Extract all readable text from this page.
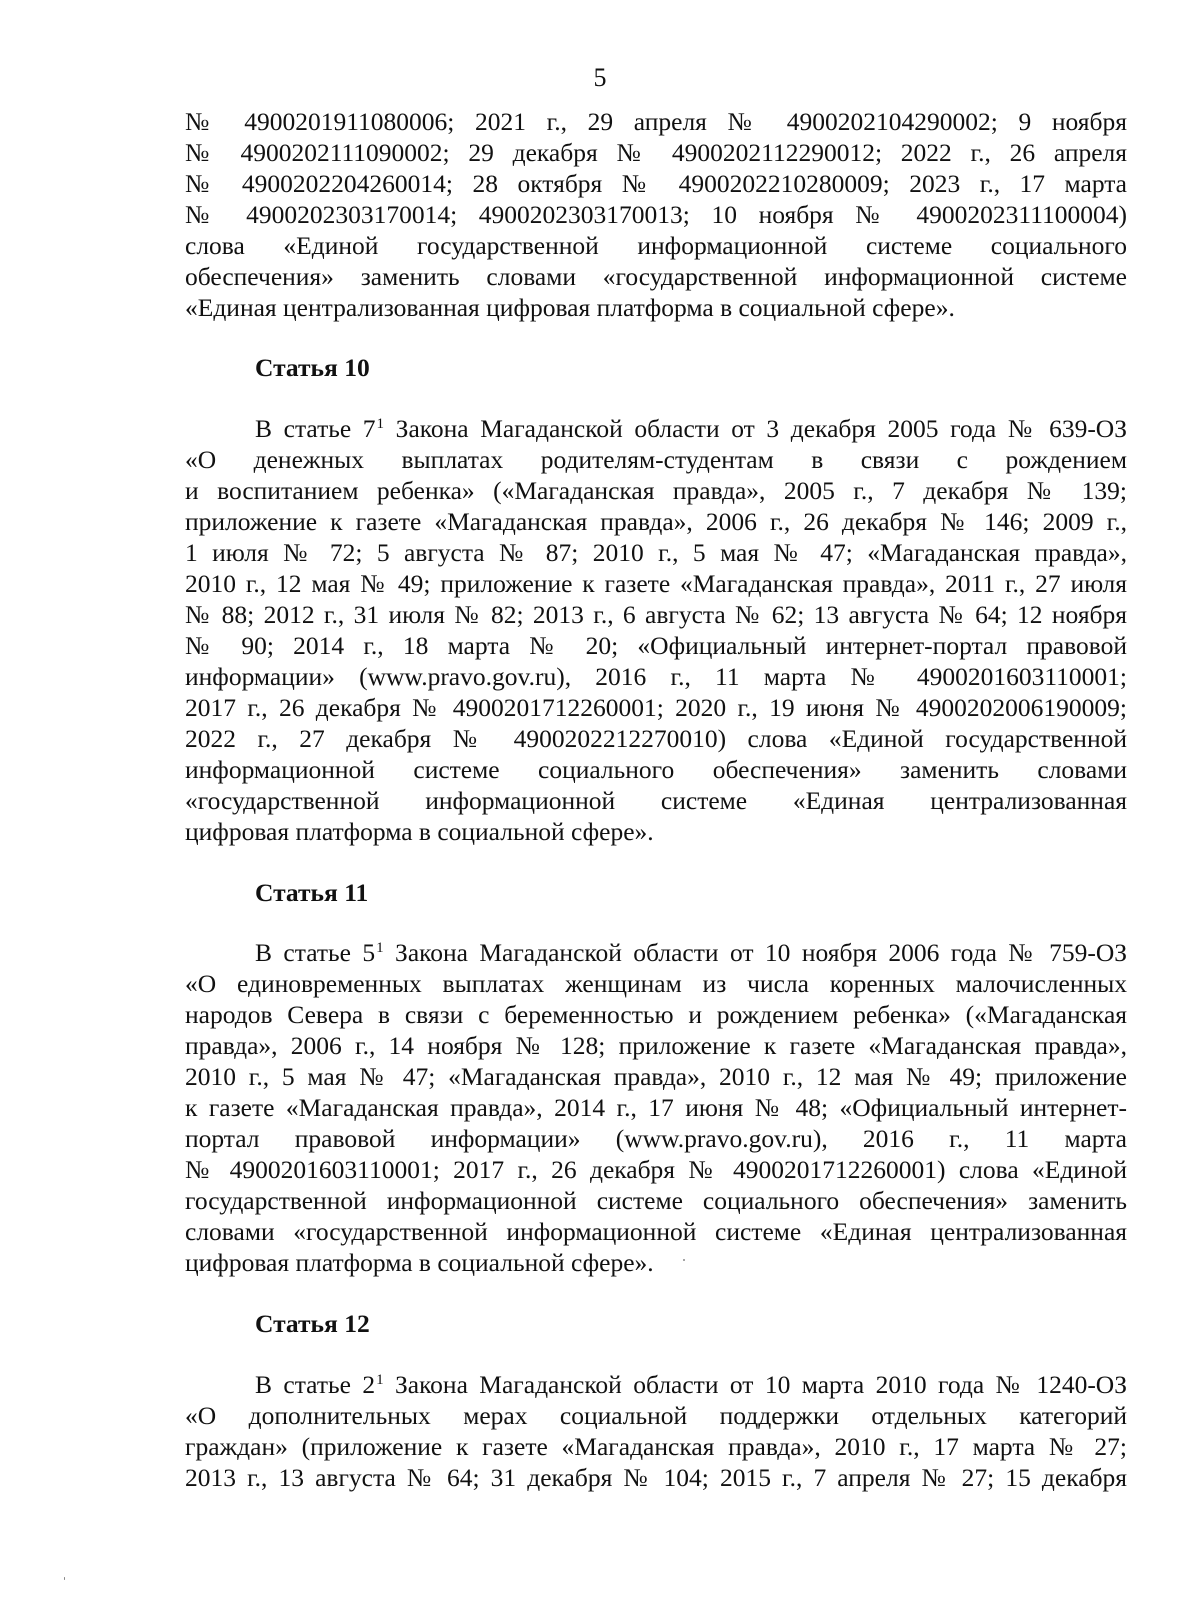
5
№ 4900201911080006; 2021 г., 29 апреля № 4900202104290002; 9 ноября
№ 4900202111090002; 29 декабря № 4900202112290012; 2022 г., 26 апреля
№ 4900202204260014; 28 октября № 4900202210280009; 2023 г., 17 марта
№ 4900202303170014; 4900202303170013; 10 ноября № 4900202311100004)
слова «Единой государственной информационной системе социального
обеспечения» заменить словами «государственной информационной системе
«Единая централизованная цифровая платформа в социальной сфере».
Статья 10
В статье $7^1$ Закона Магаданской области от 3 декабря 2005 года № 639-ОЗ
«О денежных выплатах родителям-студентам в связи с рождением
и воспитанием ребенка» («Магаданская правда», 2005 г., 7 декабря № 139;
приложение к газете «Магаданская правда», 2006 г., 26 декабря № 146; 2009 г.,
1 июля № 72; 5 августа № 87; 2010 г., 5 мая № 47; «Магаданская правда»,
2010 г., 12 мая № 49; приложение к газете «Магаданская правда», 2011 г., 27 июля
№ 88; 2012 г., 31 июля № 82; 2013 г., 6 августа № 62; 13 августа № 64; 12 ноября
№ 90; 2014 г., 18 марта № 20; «Официальный интернет-портал правовой
информации» (www.pravo.gov.ru), 2016 г., 11 марта № 4900201603110001;
2017 г., 26 декабря № 4900201712260001; 2020 г., 19 июня № 4900202006190009;
2022 г., 27 декабря № 4900202212270010) слова «Единой государственной
информационной системе социального обеспечения» заменить словами
«государственной информационной системе «Единая централизованная
цифровая платформа в социальной сфере».
Статья 11
В статье $5^1$ Закона Магаданской области от 10 ноября 2006 года № 759-ОЗ
«О единовременных выплатах женщинам из числа коренных малочисленных
народов Севера в связи с беременностью и рождением ребенка» («Магаданская
правда», 2006 г., 14 ноября № 128; приложение к газете «Магаданская правда»,
2010 г., 5 мая № 47; «Магаданская правда», 2010 г., 12 мая № 49; приложение
к газете «Магаданская правда», 2014 г., 17 июня № 48; «Официальный интернет-
портал правовой информации» (www.pravo.gov.ru), 2016 г., 11 марта
№ 4900201603110001; 2017 г., 26 декабря № 4900201712260001) слова «Единой
государственной информационной системе социального обеспечения» заменить
словами «государственной информационной системе «Единая централизованная
цифровая платформа в социальной сфере».
Статья 12
В статье $2^1$ Закона Магаданской области от 10 марта 2010 года № 1240-ОЗ
«О дополнительных мерах социальной поддержки отдельных категорий
граждан» (приложение к газете «Магаданская правда», 2010 г., 17 марта № 27;
2013 г., 13 августа № 64; 31 декабря № 104; 2015 г., 7 апреля № 27; 15 декабря
